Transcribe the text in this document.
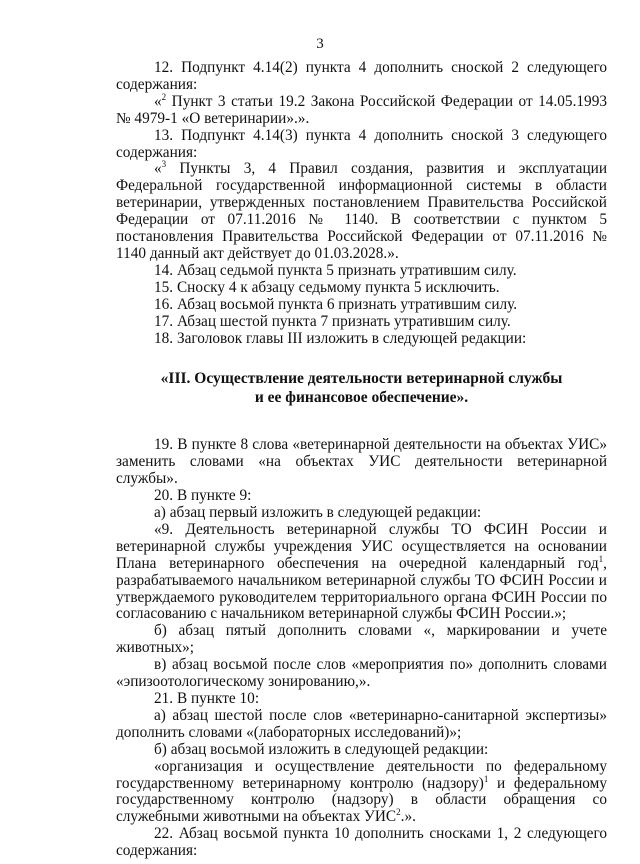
3

12. Подпункт 4.14(2) пункта 4 дополнить сноской 2 следующего содержания:

«$^2$ Пункт 3 статьи 19.2 Закона Российской Федерации от 14.05.1993 № 4979-1 «О ветеринарии».».

13. Подпункт 4.14(3) пункта 4 дополнить сноской 3 следующего содержания:

«$^3$ Пункты 3, 4 Правил создания, развития и эксплуатации Федеральной государственной информационной системы в области ветеринарии, утвержденных постановлением Правительства Российской Федерации от 07.11.2016 № 1140. В соответствии с пунктом 5 постановления Правительства Российской Федерации от 07.11.2016 № 1140 данный акт действует до 01.03.2028.».

14. Абзац седьмой пункта 5 признать утратившим силу.

15. Сноску 4 к абзацу седьмому пункта 5 исключить.

16. Абзац восьмой пункта 6 признать утратившим силу.

17. Абзац шестой пункта 7 признать утратившим силу.

18. Заголовок главы III изложить в следующей редакции:

«III. Осуществление деятельности ветеринарной службы

и ее финансовое обеспечение».

19. В пункте 8 слова «ветеринарной деятельности на объектах УИС» заменить словами «на объектах УИС деятельности ветеринарной службы».

20. В пункте 9:

а) абзац первый изложить в следующей редакции:

«9. Деятельность ветеринарной службы ТО ФСИН России и ветеринарной службы учреждения УИС осуществляется на основании Плана ветеринарного обеспечения на очередной календарный год$^1$, разрабатываемого начальником ветеринарной службы ТО ФСИН России и утверждаемого руководителем территориального органа ФСИН России по согласованию с начальником ветеринарной службы ФСИН России.»;

б) абзац пятый дополнить словами «, маркировании и учете животных»;

в) абзац восьмой после слов «мероприятия по» дополнить словами «эпизоотологическому зонированию,».

21. В пункте 10:

а) абзац шестой после слов «ветеринарно-санитарной экспертизы» дополнить словами «(лабораторных исследований)»;

б) абзац восьмой изложить в следующей редакции:

«организация и осуществление деятельности по федеральному государственному ветеринарному контролю (надзору)$^1$ и федеральному государственному контролю (надзору) в области обращения со служебными животными на объектах УИС$^2$.».

22. Абзац восьмой пункта 10 дополнить сносками 1, 2 следующего содержания:
